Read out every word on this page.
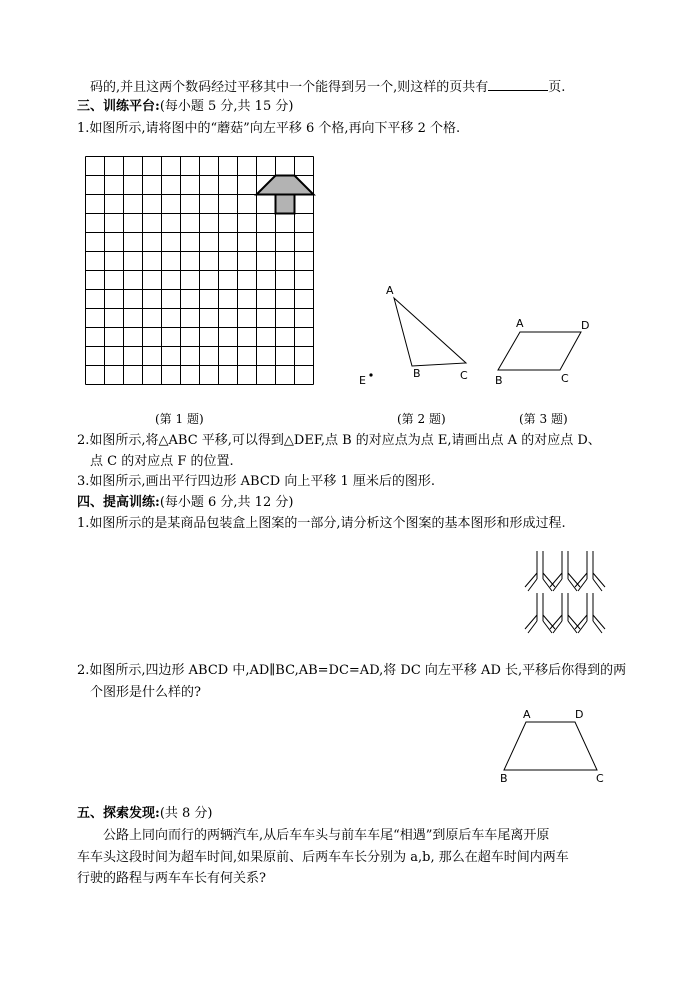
码的,并且这两个数码经过平移其中一个能得到另一个,则这样的页共有	页.
三、训练平台:(每小题 5 分,共 15 分)
1.如图所示,请将图中的“蘑菇”向左平移 6 个格,再向下平移 2 个格.
A
B	C
E
A	D
B	C
(第 1 题)	(第 2 题)	(第 3 题)
2.如图所示,将△ABC 平移,可以得到△DEF,点 B 的对应点为点 E,请画出点 A 的对应点 D、
点 C 的对应点 F 的位置.
3.如图所示,画出平行四边形 ABCD 向上平移 1 厘米后的图形.
四、提高训练:(每小题 6 分,共 12 分)
1.如图所示的是某商品包装盒上图案的一部分,请分析这个图案的基本图形和形成过程.
2.如图所示,四边形 ABCD 中,AD∥BC,AB=DC=AD,将 DC 向左平移 AD 长,平移后你得到的两
个图形是什么样的?
A	D
B	C
五、探索发现:(共 8 分)
公路上同向而行的两辆汽车,从后车车头与前车车尾“相遇”到原后车车尾离开原
车车头这段时间为超车时间,如果原前、后两车车长分别为 a,b, 那么在超车时间内两车
行驶的路程与两车车长有何关系?
